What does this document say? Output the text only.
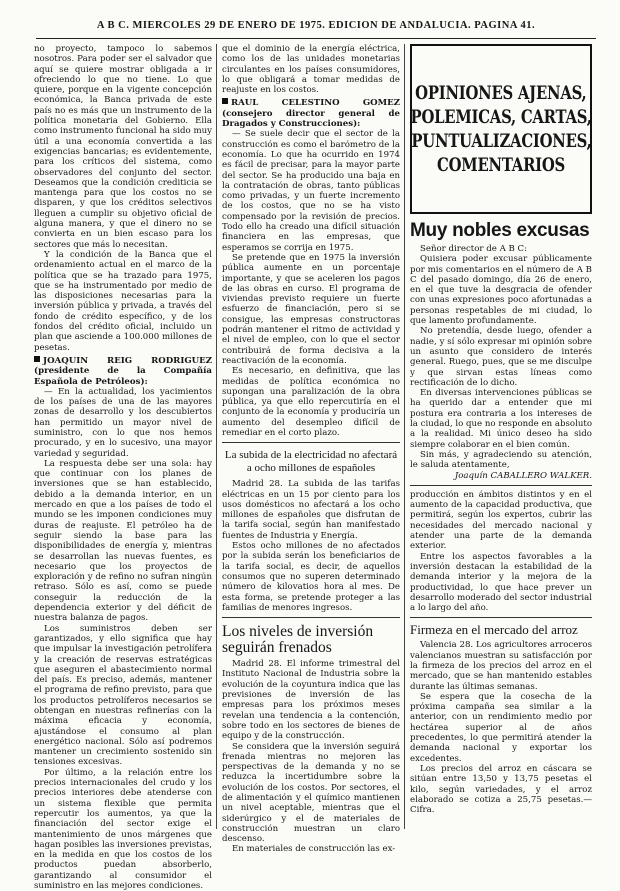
A B C. MIERCOLES 29 DE ENERO DE 1975. EDICION DE ANDALUCIA. PAGINA 41.

no proyecto, tampoco lo sabemos nosotros. Para poder ser el salvador que aquí se quiere mostrar obligada a ir ofreciendo lo que no tiene. Lo que quiere, porque en la vigente concepción económica, la Banca privada de este país no es más que un instrumento de la política monetaria del Gobierno. Ella como instrumento funcional ha sido muy útil a una economía convertida a las exigencias bancarias; es evidentemente, para los críticos del sistema, como observadores del conjunto del sector. Deseamos que la condición crediticia se mantenga para que los costos no se disparen, y que los créditos selectivos lleguen a cumplir su objetivo oficial de alguna manera, y que el dinero no se convierta en un bien escaso para los sectores que más lo necesitan.

Y la condición de la Banca que el ordenamiento actual en el marco de la política que se ha trazado para 1975, que se ha instrumentado por medio de las disposiciones necesarias para la inversión pública y privada, a través del fondo de crédito específico, y de los fondos del crédito oficial, incluido un plan que asciende a 100.000 millones de pesetas.

JOAQUIN REIG RODRIGUEZ (presidente de la Compañía Española de Petróleos):

— En la actualidad, los yacimientos de los países de una de las mayores zonas de desarrollo y los descubiertos han permitido un mayor nivel de suministro, con lo que nos hemos procurado, y en lo sucesivo, una mayor variedad y seguridad.

La respuesta debe ser una sola: hay que continuar con los planes de inversiones que se han establecido, debido a la demanda interior, en un mercado en que a los países de todo el mundo se les imponen condiciones muy duras de reajuste. El petróleo ha de seguir siendo la base para las disponibilidades de energía y, mientras se desarrollan las nuevas fuentes, es necesario que los proyectos de exploración y de refino no sufran ningún retraso. Sólo es así, como se puede conseguir la reducción de la dependencia exterior y del déficit de nuestra balanza de pagos.

Los suministros deben ser garantizados, y ello significa que hay que impulsar la investigación petrolífera y la creación de reservas estratégicas que aseguren el abastecimiento normal del país. Es preciso, además, mantener el programa de refino previsto, para que los productos petrolíferos necesarios se obtengan en nuestras refinerías con la máxima eficacia y economía, ajustándose el consumo al plan energético nacional. Sólo así podremos mantener un crecimiento sostenido sin tensiones excesivas.

Por último, a la relación entre los precios internacionales del crudo y los precios interiores debe atenderse con un sistema flexible que permita repercutir los aumentos, ya que la financiación del sector exige el mantenimiento de unos márgenes que hagan posibles las inversiones previstas, en la medida en que los costos de los productos puedan absorberlo, garantizando al consumidor el suministro en las mejores condiciones.

que el dominio de la energía eléctrica, como los de las unidades monetarias circulantes en los países consumidores, lo que obligará a tomar medidas de reajuste en los costos.

RAUL CELESTINO GOMEZ (consejero director general de Dragados y Construcciones):

— Se suele decir que el sector de la construcción es como el barómetro de la economía. Lo que ha ocurrido en 1974 es fácil de precisar, para la mayor parte del sector. Se ha producido una baja en la contratación de obras, tanto públicas como privadas, y un fuerte incremento de los costos, que no se ha visto compensado por la revisión de precios. Todo ello ha creado una difícil situación financiera en las empresas, que esperamos se corrija en 1975.

Se pretende que en 1975 la inversión pública aumente en un porcentaje importante, y que se aceleren los pagos de las obras en curso. El programa de viviendas previsto requiere un fuerte esfuerzo de financiación, pero si se consigue, las empresas constructoras podrán mantener el ritmo de actividad y el nivel de empleo, con lo que el sector contribuirá de forma decisiva a la reactivación de la economía.

Es necesario, en definitiva, que las medidas de política económica no supongan una paralización de la obra pública, ya que ello repercutiría en el conjunto de la economía y produciría un aumento del desempleo difícil de remediar en el corto plazo.

La subida de la electricidad no afectará a ocho millones de españoles

Madrid 28. La subida de las tarifas eléctricas en un 15 por ciento para los usos domésticos no afectará a los ocho millones de españoles que disfrutan de la tarifa social, según han manifestado fuentes de Industria y Energía.

Estos ocho millones de no afectados por la subida serán los beneficiarios de la tarifa social, es decir, de aquellos consumos que no superen determinado número de kilovatios hora al mes. De esta forma, se pretende proteger a las familias de menores ingresos.

Los niveles de inversión seguirán frenados

Madrid 28. El informe trimestral del Instituto Nacional de Industria sobre la evolución de la coyuntura indica que las previsiones de inversión de las empresas para los próximos meses revelan una tendencia a la contención, sobre todo en los sectores de bienes de equipo y de la construcción.

Se considera que la inversión seguirá frenada mientras no mejoren las perspectivas de la demanda y no se reduzca la incertidumbre sobre la evolución de los costos. Por sectores, el de alimentación y el químico mantienen un nivel aceptable, mientras que el siderúrgico y el de materiales de construcción muestran un claro descenso.

En materiales de construcción las ex-

OPINIONES AJENAS,
POLEMICAS, CARTAS,
PUNTUALIZACIONES,
COMENTARIOS
Muy nobles excusas

Señor director de A B C:

Quisiera poder excusar públicamente por mis comentarios en el número de A B C del pasado domingo, día 26 de enero, en el que tuve la desgracia de ofender con unas expresiones poco afortunadas a personas respetables de mi ciudad, lo que lamento profundamente.

No pretendía, desde luego, ofender a nadie, y sí sólo expresar mi opinión sobre un asunto que considero de interés general. Ruego, pues, que se me disculpe y que sirvan estas líneas como rectificación de lo dicho.

En diversas intervenciones públicas se ha querido dar a entender que mi postura era contraria a los intereses de la ciudad, lo que no responde en absoluto a la realidad. Mi único deseo ha sido siempre colaborar en el bien común.

Sin más, y agradeciendo su atención, le saluda atentamente,

Joaquín CABALLERO WALKER.

producción en ámbitos distintos y en el aumento de la capacidad productiva, que permitirá, según los expertos, cubrir las necesidades del mercado nacional y atender una parte de la demanda exterior.

Entre los aspectos favorables a la inversión destacan la estabilidad de la demanda interior y la mejora de la productividad, lo que hace prever un desarrollo moderado del sector industrial a lo largo del año.

Firmeza en el mercado del arroz

Valencia 28. Los agricultores arroceros valencianos muestran su satisfacción por la firmeza de los precios del arroz en el mercado, que se han mantenido estables durante las últimas semanas.

Se espera que la cosecha de la próxima campaña sea similar a la anterior, con un rendimiento medio por hectárea superior al de años precedentes, lo que permitirá atender la demanda nacional y exportar los excedentes.

Los precios del arroz en cáscara se sitúan entre 13,50 y 13,75 pesetas el kilo, según variedades, y el arroz elaborado se cotiza a 25,75 pesetas.—Cifra.
